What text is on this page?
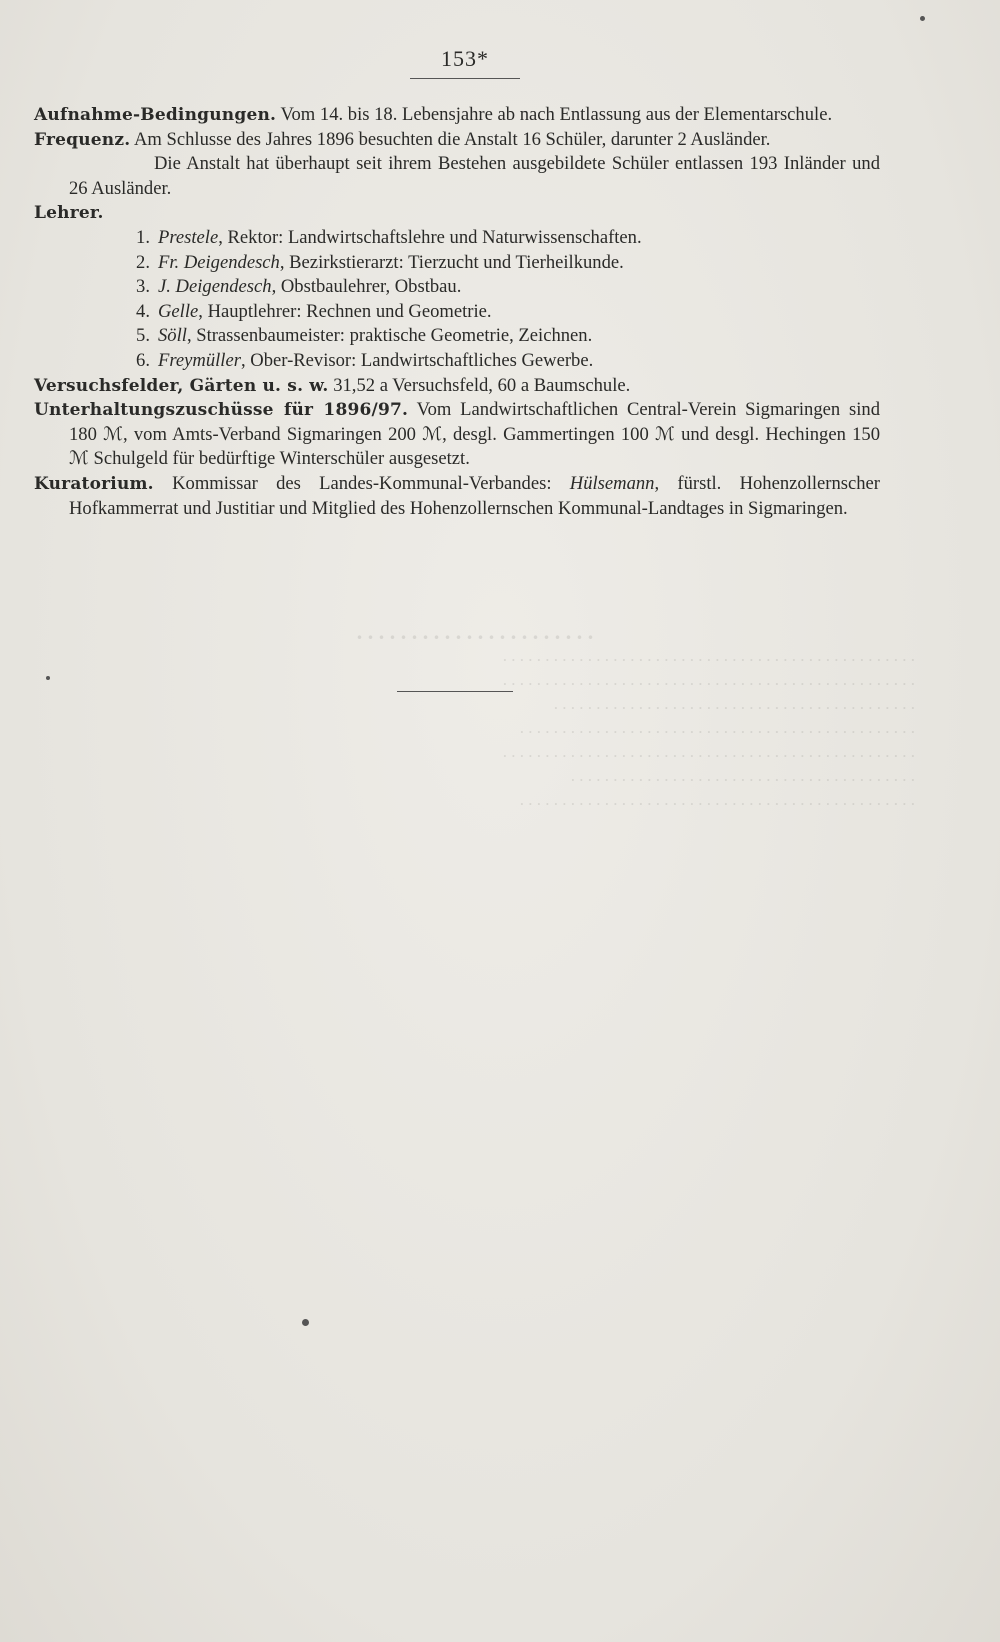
. . . . . . . . . . . . . . . . . . . . . .
. . . . . . . . . . . . . . . . . . . . . . . . . . . . . . . . . . . . . . . . . . . . . . . . .
. . . . . . . . . . . . . . . . . . . . . . . . . . . . . . . . . . . . . . . . . . . . . . . . .
. . . . . . . . . . . . . . . . . . . . . . . . . . . . . . . . . . . . . . . . . . .
. . . . . . . . . . . . . . . . . . . . . . . . . . . . . . . . . . . . . . . . . . . . . . .
. . . . . . . . . . . . . . . . . . . . . . . . . . . . . . . . . . . . . . . . . . . . . . . . .
. . . . . . . . . . . . . . . . . . . . . . . . . . . . . . . . . . . . . . . . .
. . . . . . . . . . . . . . . . . . . . . . . . . . . . . . . . . . . . . . . . . . . . . . .
153*

Aufnahme-Bedingungen. Vom 14. bis 18. Lebensjahre ab nach Entlassung aus der Elementarschule.

Frequenz. Am Schlusse des Jahres 1896 besuchten die Anstalt 16 Schüler, darunter 2 Ausländer.

Die Anstalt hat überhaupt seit ihrem Bestehen ausgebildete Schüler entlassen 193 Inländer und 26 Ausländer.

Lehrer.

1. Prestele, Rektor: Landwirtschaftslehre und Naturwissenschaften.
2. Fr. Deigendesch, Bezirkstierarzt: Tierzucht und Tierheilkunde.
3. J. Deigendesch, Obstbaulehrer, Obstbau.
4. Gelle, Hauptlehrer: Rechnen und Geometrie.
5. Söll, Strassenbaumeister: praktische Geometrie, Zeichnen.
6. Freymüller, Ober-Revisor: Landwirtschaftliches Gewerbe.

Versuchsfelder, Gärten u. s. w. 31,52 a Versuchsfeld, 60 a Baumschule.

Unterhaltungszuschüsse für 1896/97. Vom Landwirtschaftlichen Central-Verein Sigmaringen sind 180 ℳ, vom Amts-Verband Sigmaringen 200 ℳ, desgl. Gammertingen 100 ℳ und desgl. Hechingen 150 ℳ Schulgeld für bedürftige Winterschüler ausgesetzt.

Kuratorium. Kommissar des Landes-Kommunal-Verbandes: Hülsemann, fürstl. Hohenzollernscher Hofkammerrat und Justitiar und Mitglied des Hohenzollernschen Kommunal-Landtages in Sigmaringen.
